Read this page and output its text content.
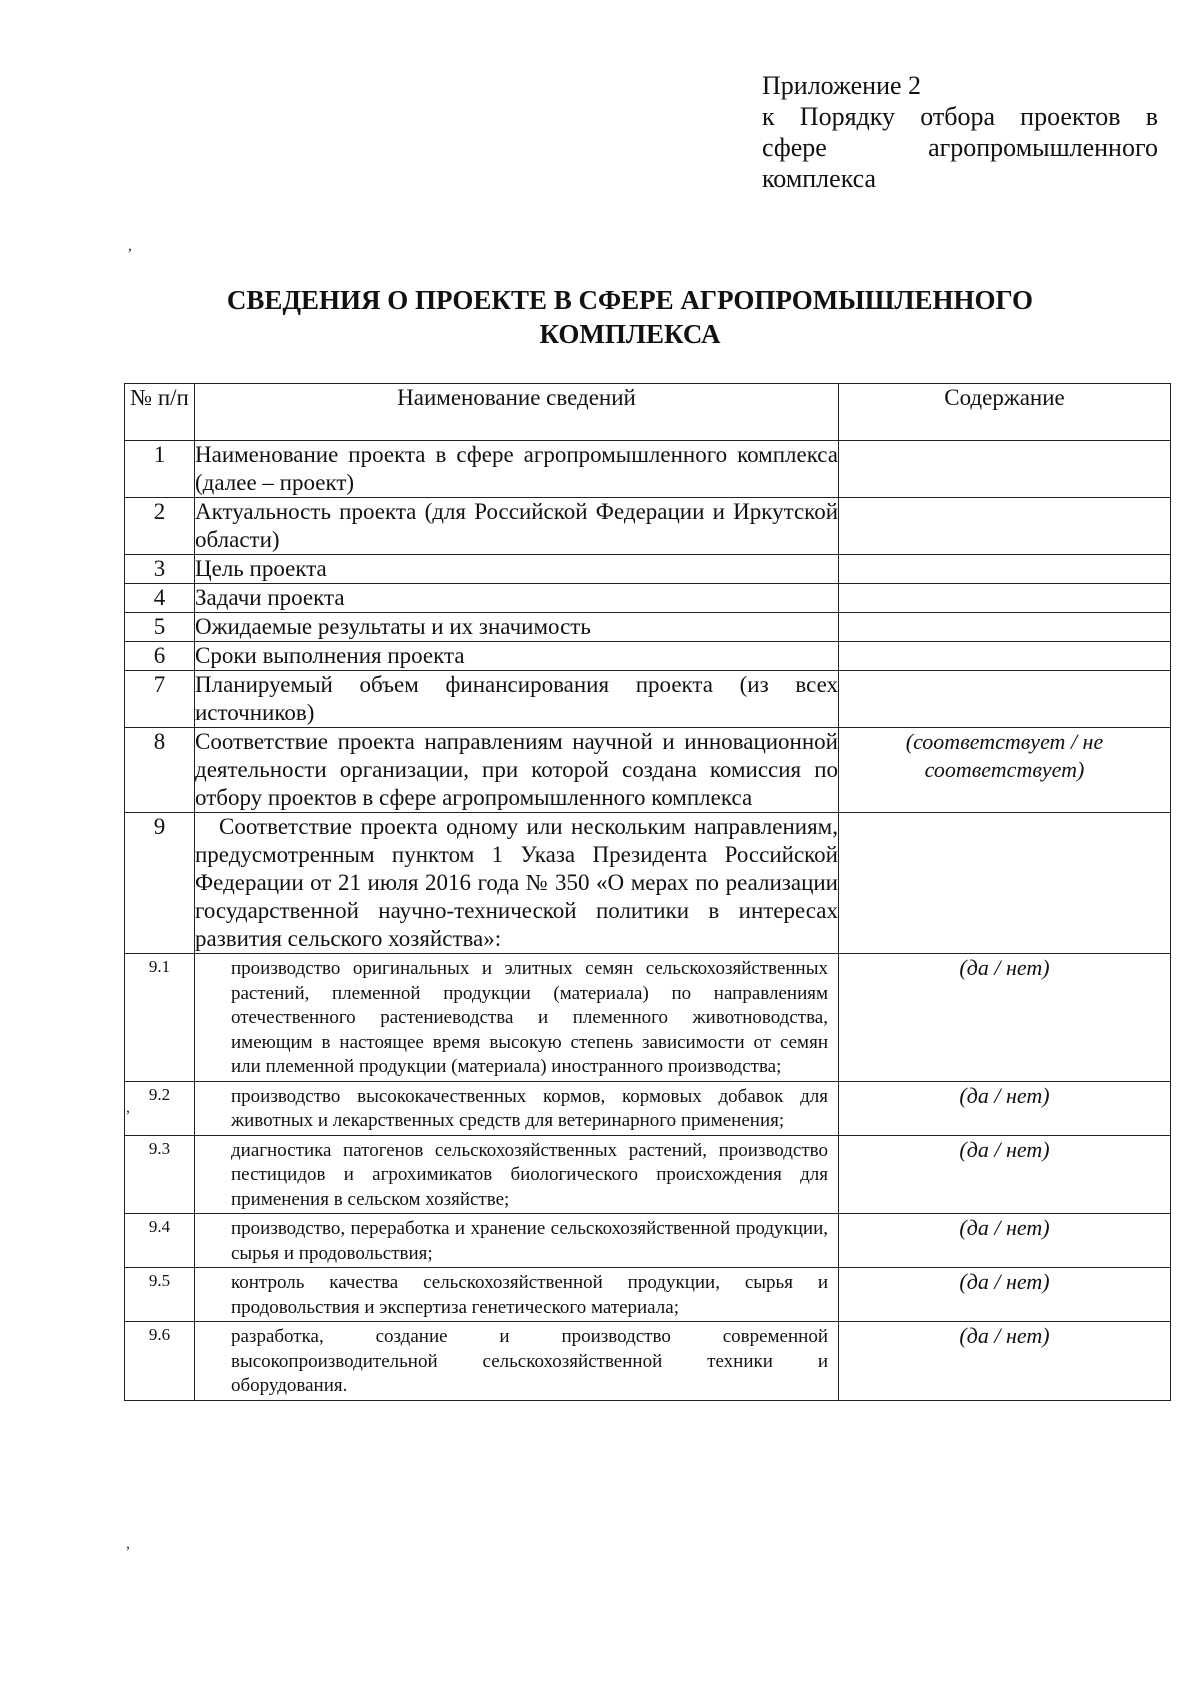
Приложение 2
к Порядку отбора проектов в
сфере агропромышленного
комплекса
,
,
,
СВЕДЕНИЯ О ПРОЕКТЕ В СФЕРЕ АГРОПРОМЫШЛЕННОГО
КОМПЛЕКСА
№ п/п	Наименование сведений	Содержание
1	Наименование проекта в сфере агропромышленного комплекса (далее – проект)	
2	Актуальность проекта (для Российской Федерации и Иркутской области)	
3	Цель проекта	
4	Задачи проекта	
5	Ожидаемые результаты и их значимость	
6	Сроки выполнения проекта	
7	Планируемый объем финансирования проекта (из всех источников)	
8	Соответствие проекта направлениям научной и инновационной деятельности организации, при которой создана комиссия по отбору проектов в сфере агропромышленного комплекса	(соответствует / не соответствует)
9	Соответствие проекта одному или нескольким направлениям, предусмотренным пунктом 1 Указа Президента Российской Федерации от 21 июля 2016 года № 350 «О мерах по реализации государственной научно-технической политики в интересах развития сельского хозяйства»:	
9.1	производство оригинальных и элитных семян сельскохозяйственных растений, племенной продукции (материала) по направлениям отечественного растениеводства и племенного животноводства, имеющим в настоящее время высокую степень зависимости от семян или племенной продукции (материала) иностранного производства;	(да / нет)
9.2	производство высококачественных кормов, кормовых добавок для животных и лекарственных средств для ветеринарного применения;	(да / нет)
9.3	диагностика патогенов сельскохозяйственных растений, производство пестицидов и агрохимикатов биологического происхождения для применения в сельском хозяйстве;	(да / нет)
9.4	производство, переработка и хранение сельскохозяйственной продукции, сырья и продовольствия;	(да / нет)
9.5	контроль качества сельскохозяйственной продукции, сырья и продовольствия и экспертиза генетического материала;	(да / нет)
9.6	разработка, создание и производство современной высокопроизводительной сельскохозяйственной техники и оборудования.	(да / нет)
